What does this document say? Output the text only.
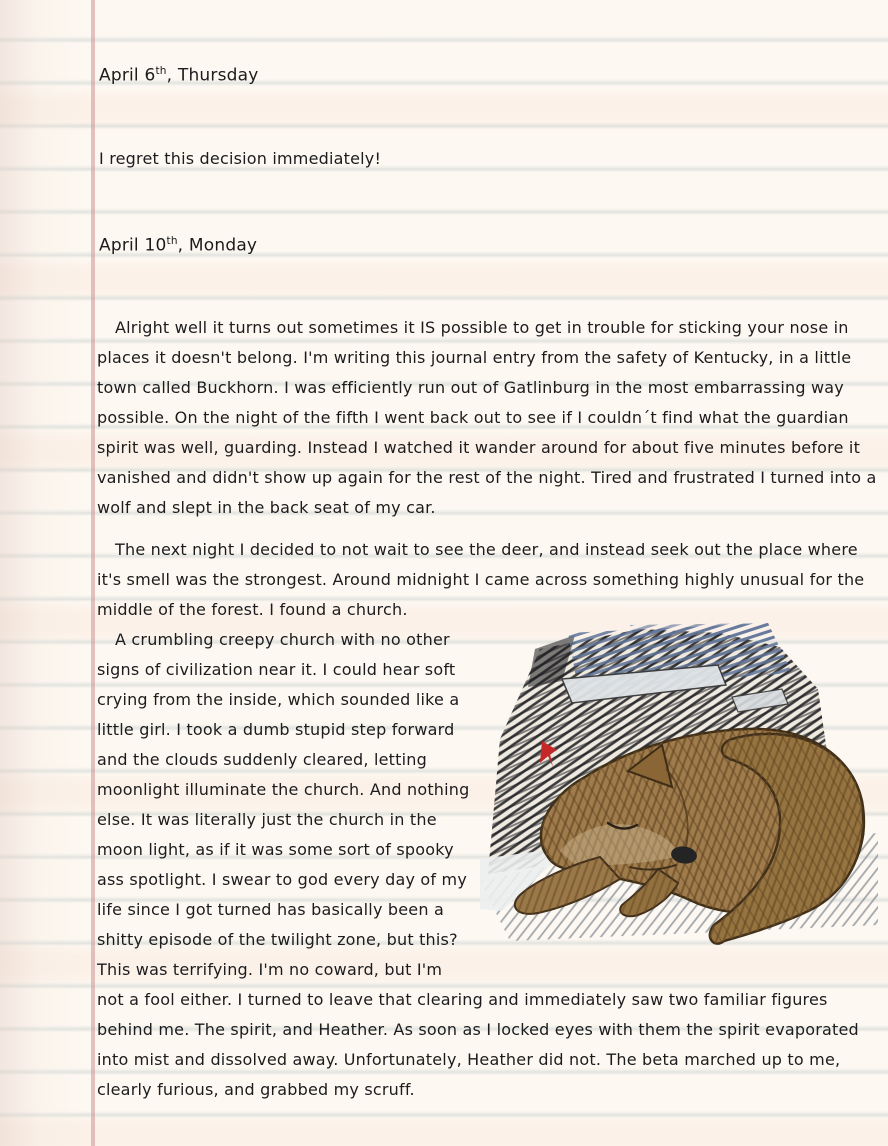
April 6th, Thursday

I regret this decision immediately!

April 10th, Monday

Alright well it turns out sometimes it IS possible to get in trouble for sticking your nose in places it doesn't belong. I'm writing this journal entry from the safety of Kentucky, in a little town called Buckhorn. I was efficiently run out of Gatlinburg in the most embarrassing way possible. On the night of the fifth I went back out to see if I couldn´t find what the guardian spirit was well, guarding. Instead I watched it wander around for about five minutes before it vanished and didn't show up again for the rest of the night. Tired and frustrated I turned into a wolf and slept in the back seat of my car.

The next night I decided to not wait to see the deer, and instead seek out the place where it's smell was the strongest. Around midnight I came across something highly unusual for the middle of the forest. I found a church.

A crumbling creepy church with no other signs of civilization near it. I could hear soft crying from the inside, which sounded like a little girl. I took a dumb stupid step forward and the clouds suddenly cleared, letting moonlight illuminate the church. And nothing else. It was literally just the church in the moon light, as if it was some sort of spooky ass spotlight. I swear to god every day of my life since I got turned has basically been a shitty episode of the twilight zone, but this? This was terrifying. I'm no coward, but I'm not a fool either. I turned to leave that clearing and immediately saw two familiar figures behind me. The spirit, and Heather. As soon as I locked eyes with them the spirit evaporated into mist and dissolved away. Unfortunately, Heather did not. The beta marched up to me, clearly furious, and grabbed my scruff.
